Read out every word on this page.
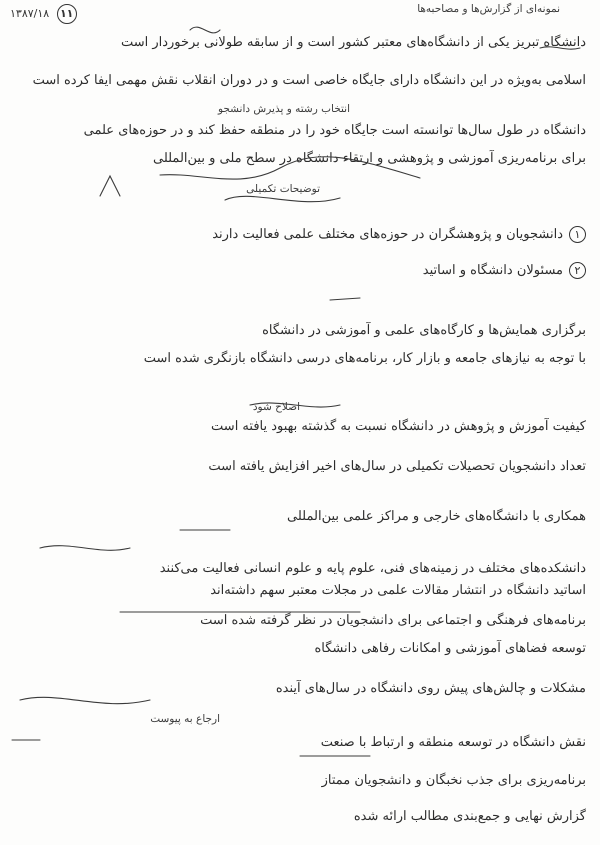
۱۱ ۱۳۸۷/۱۸	نمونه‌ای از گزارش‌ها و مصاحبه‌ها
دانشگاه تبریز یکی از دانشگاه‌های معتبر کشور است و از سابقه طولانی برخوردار است
اسلامی به‌ویژه در این دانشگاه دارای جایگاه خاصی است و در دوران انقلاب نقش مهمی ایفا کرده است
انتخاب رشته و پذیرش دانشجو
دانشگاه در طول سال‌ها توانسته است جایگاه خود را در منطقه حفظ کند و در حوزه‌های علمی
برای برنامه‌ریزی آموزشی و پژوهشی و ارتقاء دانشگاه در سطح ملی و بین‌المللی
توضیحات تکمیلی
۱دانشجویان و پژوهشگران در حوزه‌های مختلف علمی فعالیت دارند
۲مسئولان دانشگاه و اساتید
برگزاری همایش‌ها و کارگاه‌های علمی و آموزشی در دانشگاه
با توجه به نیازهای جامعه و بازار کار، برنامه‌های درسی دانشگاه بازنگری شده است
اصلاح شود
کیفیت آموزش و پژوهش در دانشگاه نسبت به گذشته بهبود یافته است
تعداد دانشجویان تحصیلات تکمیلی در سال‌های اخیر افزایش یافته است
همکاری با دانشگاه‌های خارجی و مراکز علمی بین‌المللی
دانشکده‌های مختلف در زمینه‌های فنی، علوم پایه و علوم انسانی فعالیت می‌کنند
اساتید دانشگاه در انتشار مقالات علمی در مجلات معتبر سهم داشته‌اند
برنامه‌های فرهنگی و اجتماعی برای دانشجویان در نظر گرفته شده است
توسعه فضاهای آموزشی و امکانات رفاهی دانشگاه
مشکلات و چالش‌های پیش روی دانشگاه در سال‌های آینده
ارجاع به پیوست
نقش دانشگاه در توسعه منطقه و ارتباط با صنعت
برنامه‌ریزی برای جذب نخبگان و دانشجویان ممتاز
گزارش نهایی و جمع‌بندی مطالب ارائه شده
